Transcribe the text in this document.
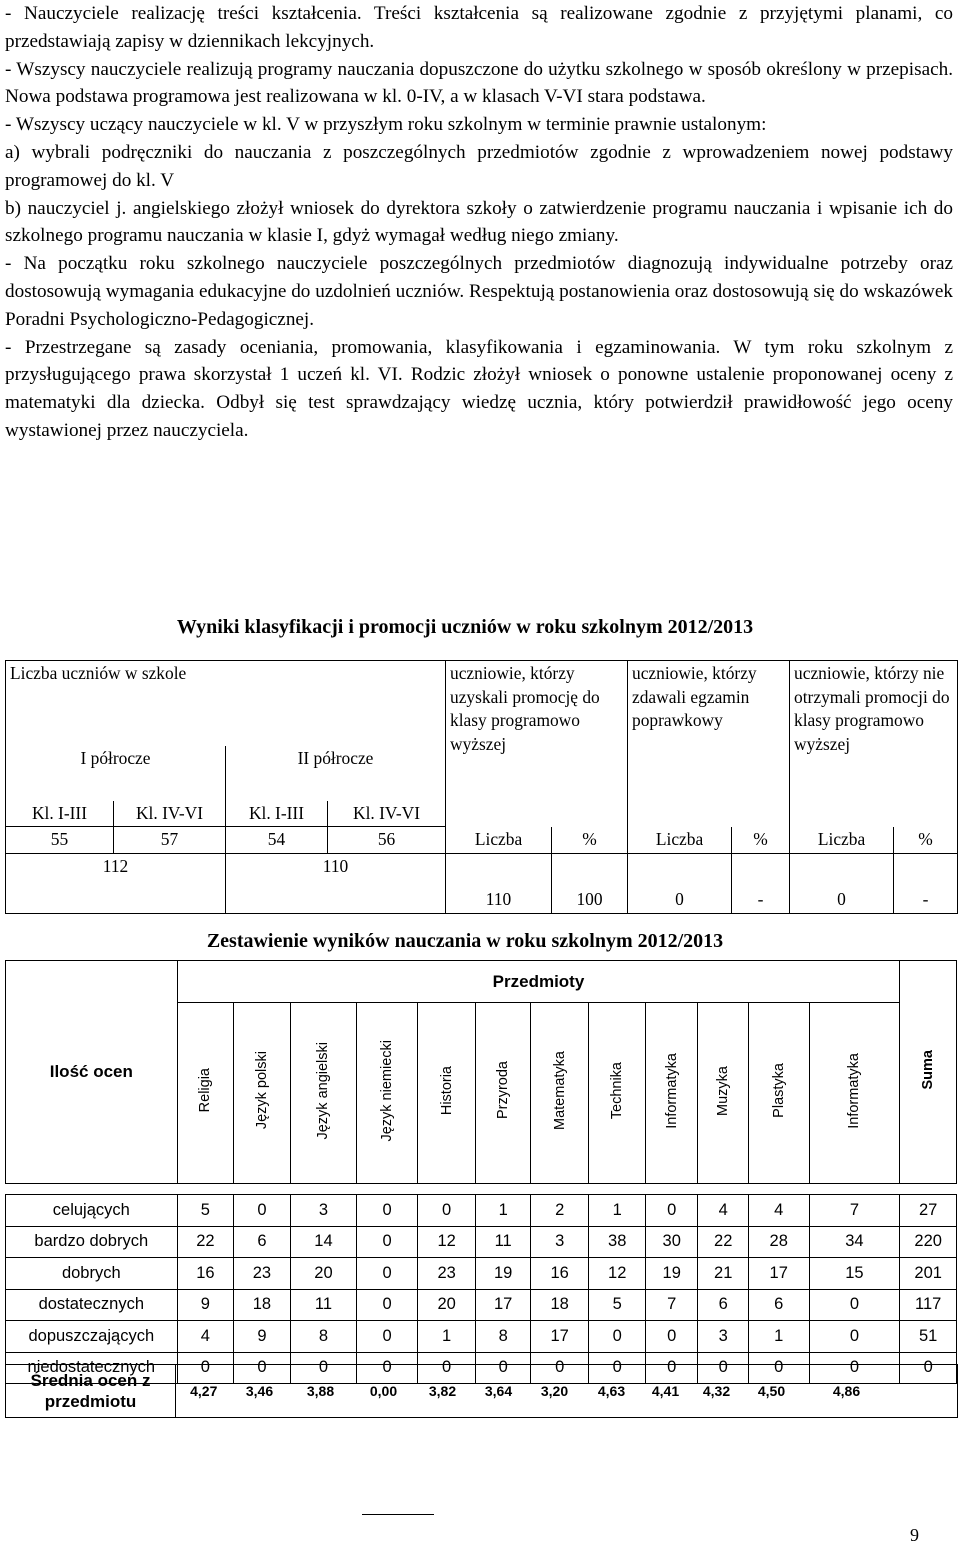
- Nauczyciele realizację treści kształcenia. Treści kształcenia są realizowane zgodnie z przyjętymi planami, co przedstawiają zapisy w dziennikach lekcyjnych.

- Wszyscy nauczyciele realizują programy nauczania dopuszczone do użytku szkolnego w sposób określony w przepisach. Nowa podstawa programowa jest realizowana w kl. 0-IV, a w klasach V-VI stara podstawa.

- Wszyscy uczący nauczyciele w kl. V w przyszłym roku szkolnym w terminie prawnie ustalonym:

a) wybrali podręczniki do nauczania z poszczególnych przedmiotów zgodnie z wprowadzeniem nowej podstawy programowej do kl. V

b) nauczyciel j. angielskiego złożył wniosek do dyrektora szkoły o zatwierdzenie programu nauczania i wpisanie ich do szkolnego programu nauczania w klasie I, gdyż wymagał według niego zmiany.

- Na początku roku szkolnego nauczyciele poszczególnych przedmiotów diagnozują indywidualne potrzeby oraz dostosowują wymagania edukacyjne do uzdolnień uczniów. Respektują postanowienia oraz dostosowują się do wskazówek Poradni Psychologiczno-Pedagogicznej.

- Przestrzegane są zasady oceniania, promowania, klasyfikowania i egzaminowania. W tym roku szkolnym z przysługującego prawa skorzystał 1 uczeń kl. VI. Rodzic złożył wniosek o ponowne ustalenie proponowanej oceny z matematyki dla dziecka. Odbył się test sprawdzający wiedzę ucznia, który potwierdził prawidłowość jego oceny wystawionej przez nauczyciela.

Wyniki klasyfikacji i promocji uczniów w roku szkolnym 2012/2013
Liczba uczniów w szkole				uczniowie, którzy uzyskali promocję do klasy programowo wyższej		uczniowie, którzy zdawali egzamin poprawkowy		uczniowie, którzy nie otrzymali promocji do klasy programowo wyższej	
I półrocze		II półrocze							
Kl. I-III	Kl. IV-VI	Kl. I-III	Kl. IV-VI						
55	57	54	56	Liczba	%	Liczba	%	Liczba	%
112		110		110	100	0	-	0	-
Zestawienie wyników nauczania w roku szkolnym 2012/2013
Ilość ocen	Przedmioty												Suma
	Religia	Język polski	Język angielski	Język niemiecki	Historia	Przyroda	Matematyka	Technika	Informatyka	Muzyka	Plastyka	Informatyka	

celujących	5	0	3	0	0	1	2	1	0	4	4	7	27
bardzo dobrych	22	6	14	0	12	11	3	38	30	22	28	34	220
dobrych	16	23	20	0	23	19	16	12	19	21	17	15	201
dostatecznych	9	18	11	0	20	17	18	5	7	6	6	0	117
dopuszczających	4	9	8	0	1	8	17	0	0	3	1	0	51
niedostatecznych	0	0	0	0	0	0	0	0	0	0	0	0	0
Średnia ocen z przedmiotu	4,27	3,46	3,88	0,00	3,82	3,64	3,20	4,63	4,41	4,32	4,50	4,86	
9
